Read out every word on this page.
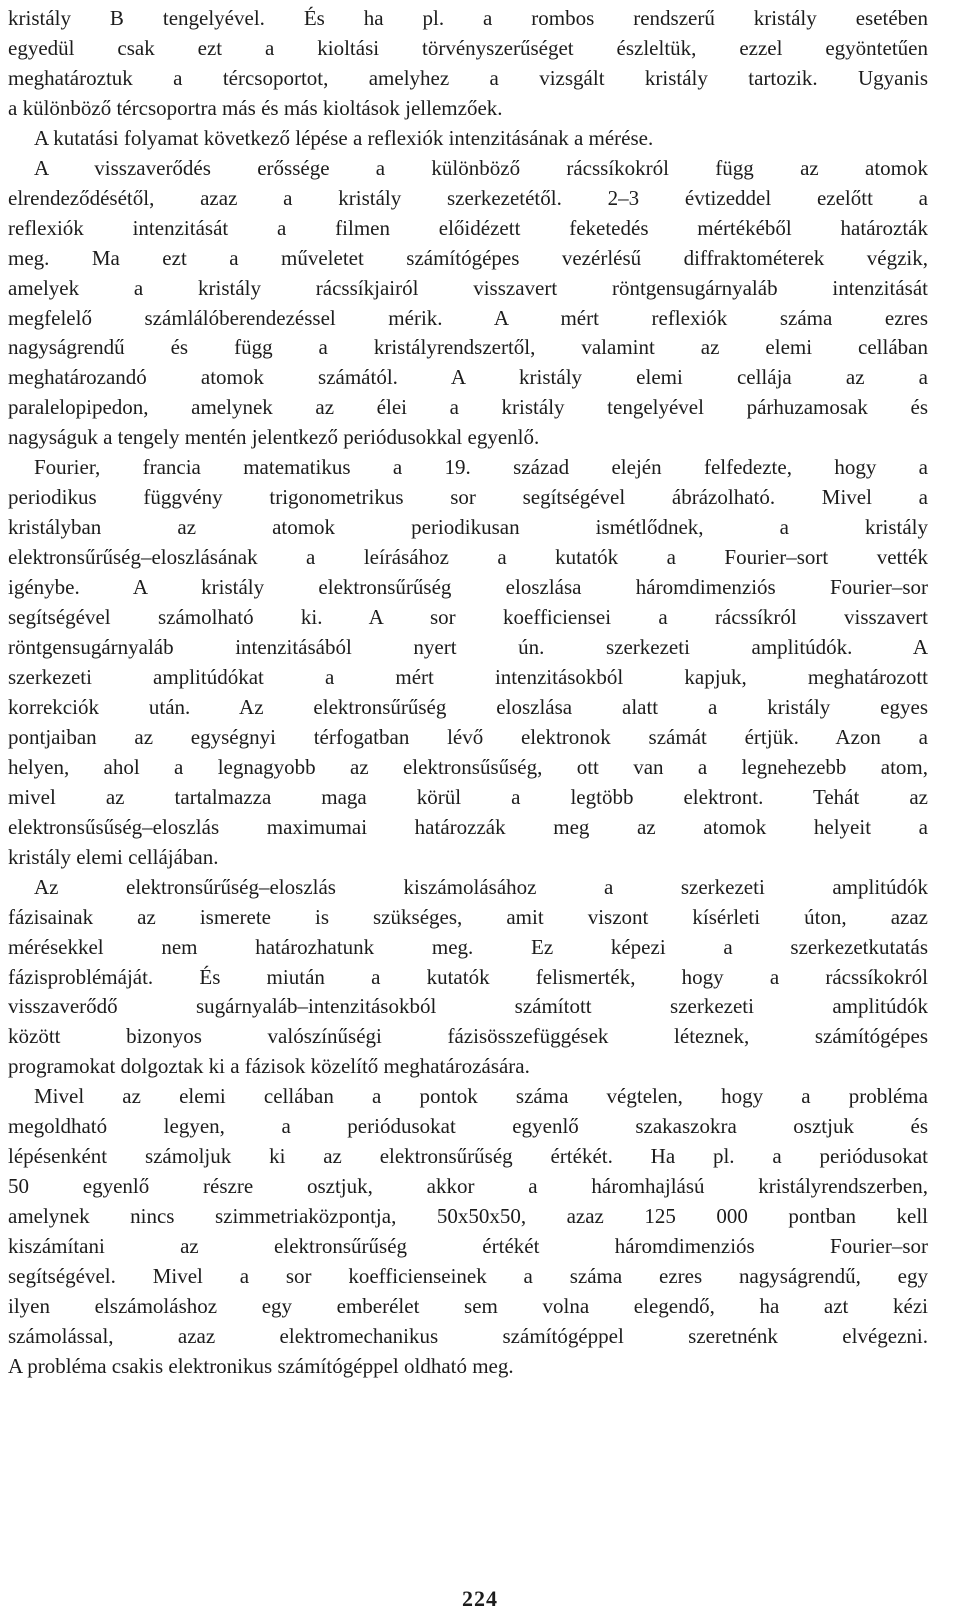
kristály B tengelyével. És ha pl. a rombos rendszerű kristály esetében
egyedül csak ezt a kioltási törvényszerűséget észleltük, ezzel egyöntetűen
meghatároztuk a tércsoportot, amelyhez a vizsgált kristály tartozik. Ugyanis
a különböző tércsoportra más és más kioltások jellemzőek.
A kutatási folyamat következő lépése a reflexiók intenzitásának a mérése.
A visszaverődés erőssége a különböző rácssíkokról függ az atomok
elrendeződésétől, azaz a kristály szerkezetétől. 2–3 évtizeddel ezelőtt a
reflexiók intenzitását a filmen előidézett feketedés mértékéből határozták
meg. Ma ezt a műveletet számítógépes vezérlésű diffraktométerek végzik,
amelyek a kristály rácssíkjairól visszavert röntgensugárnyaláb intenzitását
megfelelő számlálóberendezéssel mérik. A mért reflexiók száma ezres
nagyságrendű és függ a kristályrendszertől, valamint az elemi cellában
meghatározandó atomok számától. A kristály elemi cellája az a
paralelopipedon, amelynek az élei a kristály tengelyével párhuzamosak és
nagyságuk a tengely mentén jelentkező periódusokkal egyenlő.
Fourier, francia matematikus a 19. század elején felfedezte, hogy a
periodikus függvény trigonometrikus sor segítségével ábrázolható. Mivel a
kristályban az atomok periodikusan ismétlődnek, a kristály
elektronsűrűség–eloszlásának a leírásához a kutatók a Fourier–sort vették
igénybe. A kristály elektronsűrűség eloszlása háromdimenziós Fourier–sor
segítségével számolható ki. A sor koefficiensei a rácssíkról visszavert
röntgensugárnyaláb intenzitásából nyert ún. szerkezeti amplitúdók. A
szerkezeti amplitúdókat a mért intenzitásokból kapjuk, meghatározott
korrekciók után. Az elektronsűrűség eloszlása alatt a kristály egyes
pontjaiban az egységnyi térfogatban lévő elektronok számát értjük. Azon a
helyen, ahol a legnagyobb az elektronsűsűség, ott van a legnehezebb atom,
mivel az tartalmazza maga körül a legtöbb elektront. Tehát az
elektronsűsűség–eloszlás maximumai határozzák meg az atomok helyeit a
kristály elemi cellájában.
Az elektronsűrűség–eloszlás kiszámolásához a szerkezeti amplitúdók
fázisainak az ismerete is szükséges, amit viszont kísérleti úton, azaz
mérésekkel nem határozhatunk meg. Ez képezi a szerkezetkutatás
fázisproblémáját. És miután a kutatók felismerték, hogy a rácssíkokról
visszaverődő sugárnyaláb–intenzitásokból számított szerkezeti amplitúdók
között bizonyos valószínűségi fázisösszefüggések léteznek, számítógépes
programokat dolgoztak ki a fázisok közelítő meghatározására.
Mivel az elemi cellában a pontok száma végtelen, hogy a probléma
megoldható legyen, a periódusokat egyenlő szakaszokra osztjuk és
lépésenként számoljuk ki az elektronsűrűség értékét. Ha pl. a periódusokat
50 egyenlő részre osztjuk, akkor a háromhajlású kristályrendszerben,
amelynek nincs szimmetriaközpontja, 50x50x50, azaz 125 000 pontban kell
kiszámítani az elektronsűrűség értékét háromdimenziós Fourier–sor
segítségével. Mivel a sor koefficienseinek a száma ezres nagyságrendű, egy
ilyen elszámoláshoz egy emberélet sem volna elegendő, ha azt kézi
számolással, azaz elektromechanikus számítógéppel szeretnénk elvégezni.
A probléma csakis elektronikus számítógéppel oldható meg.
224
